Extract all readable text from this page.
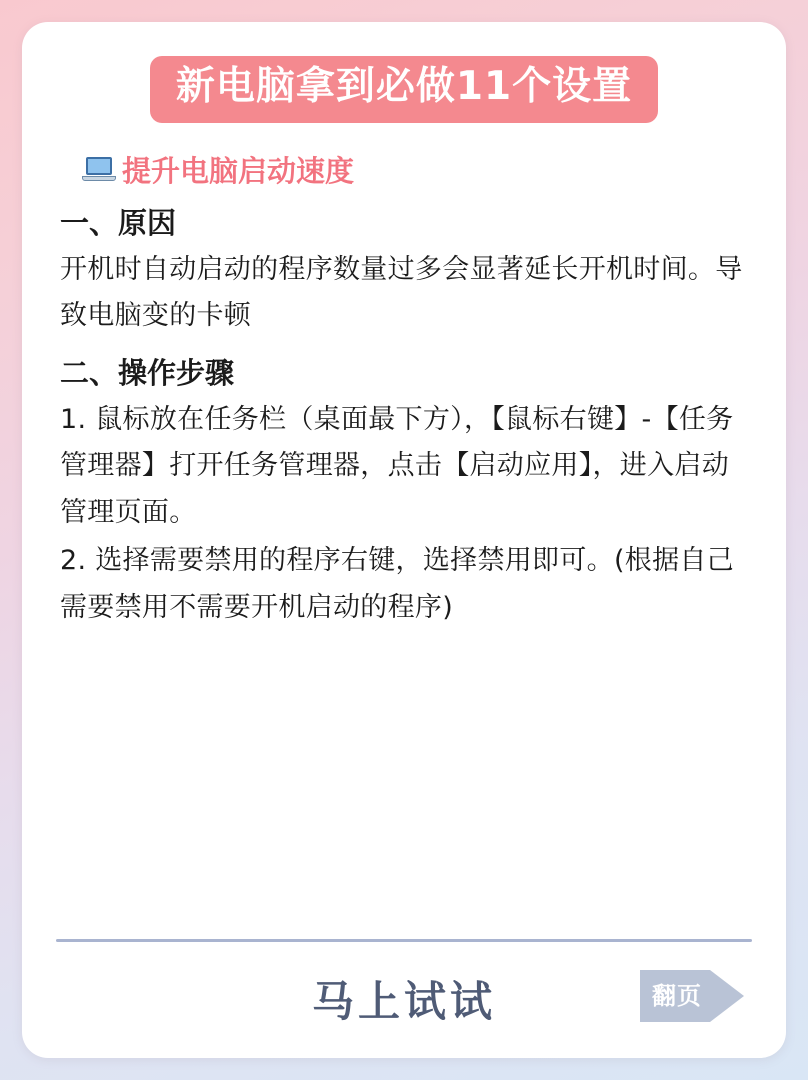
新电脑拿到必做11个设置
提升电脑启动速度
一、原因

开机时自动启动的程序数量过多会显著延长开机时间。导致电脑变的卡顿

二、操作步骤

1. 鼠标放在任务栏（桌面最下方），【鼠标右键】-【任务管理器】打开任务管理器，点击【启动应用】，进入启动管理页面。

2. 选择需要禁用的程序右键，选择禁用即可。(根据自己需要禁用不需要开机启动的程序)

马上试试	翻页
